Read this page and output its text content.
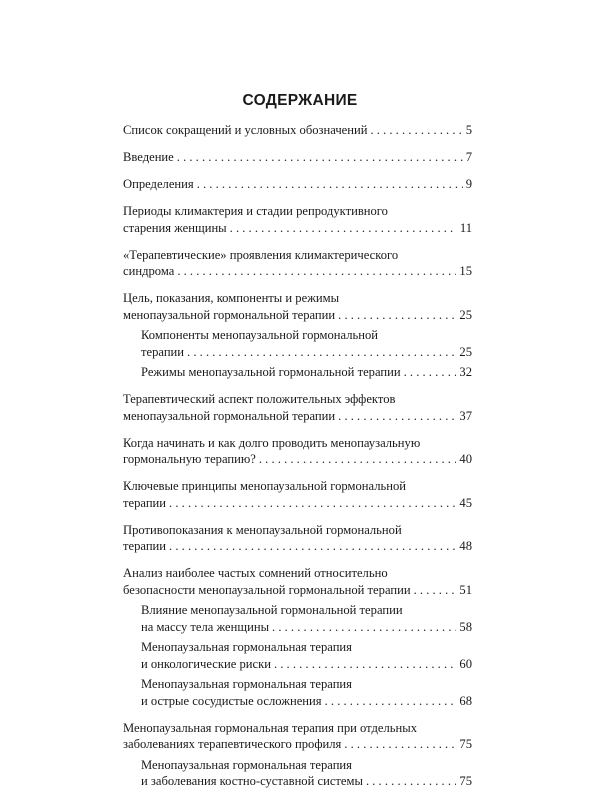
СОДЕРЖАНИЕ
Список сокращений и условных обозначений . . .	5
Введение . . .	7
Определения . . .	9
Периоды климактерия и стадии репродуктивного
старения женщины . . .	11
«Терапевтические» проявления климактерического
синдрома . . .	15
Цель, показания, компоненты и режимы
менопаузальной гормональной терапии . . .	25
Компоненты менопаузальной гормональной
терапии . . .	25
Режимы менопаузальной гормональной терапии . . .	32
Терапевтический аспект положительных эффектов
менопаузальной гормональной терапии . . .	37
Когда начинать и как долго проводить менопаузальную
гормональную терапию? . . .	40
Ключевые принципы менопаузальной гормональной
терапии . . .	45
Противопоказания к менопаузальной гормональной
терапии . . .	48
Анализ наиболее частых сомнений относительно
безопасности менопаузальной гормональной терапии . . .	51
Влияние менопаузальной гормональной терапии
на массу тела женщины . . .	58
Менопаузальная гормональная терапия
и онкологические риски . . .	60
Менопаузальная гормональная терапия
и острые сосудистые осложнения . . .	68
Менопаузальная гормональная терапия при отдельных
заболеваниях терапевтического профиля . . .	75
Менопаузальная гормональная терапия
и заболевания костно-суставной системы . . .	75
